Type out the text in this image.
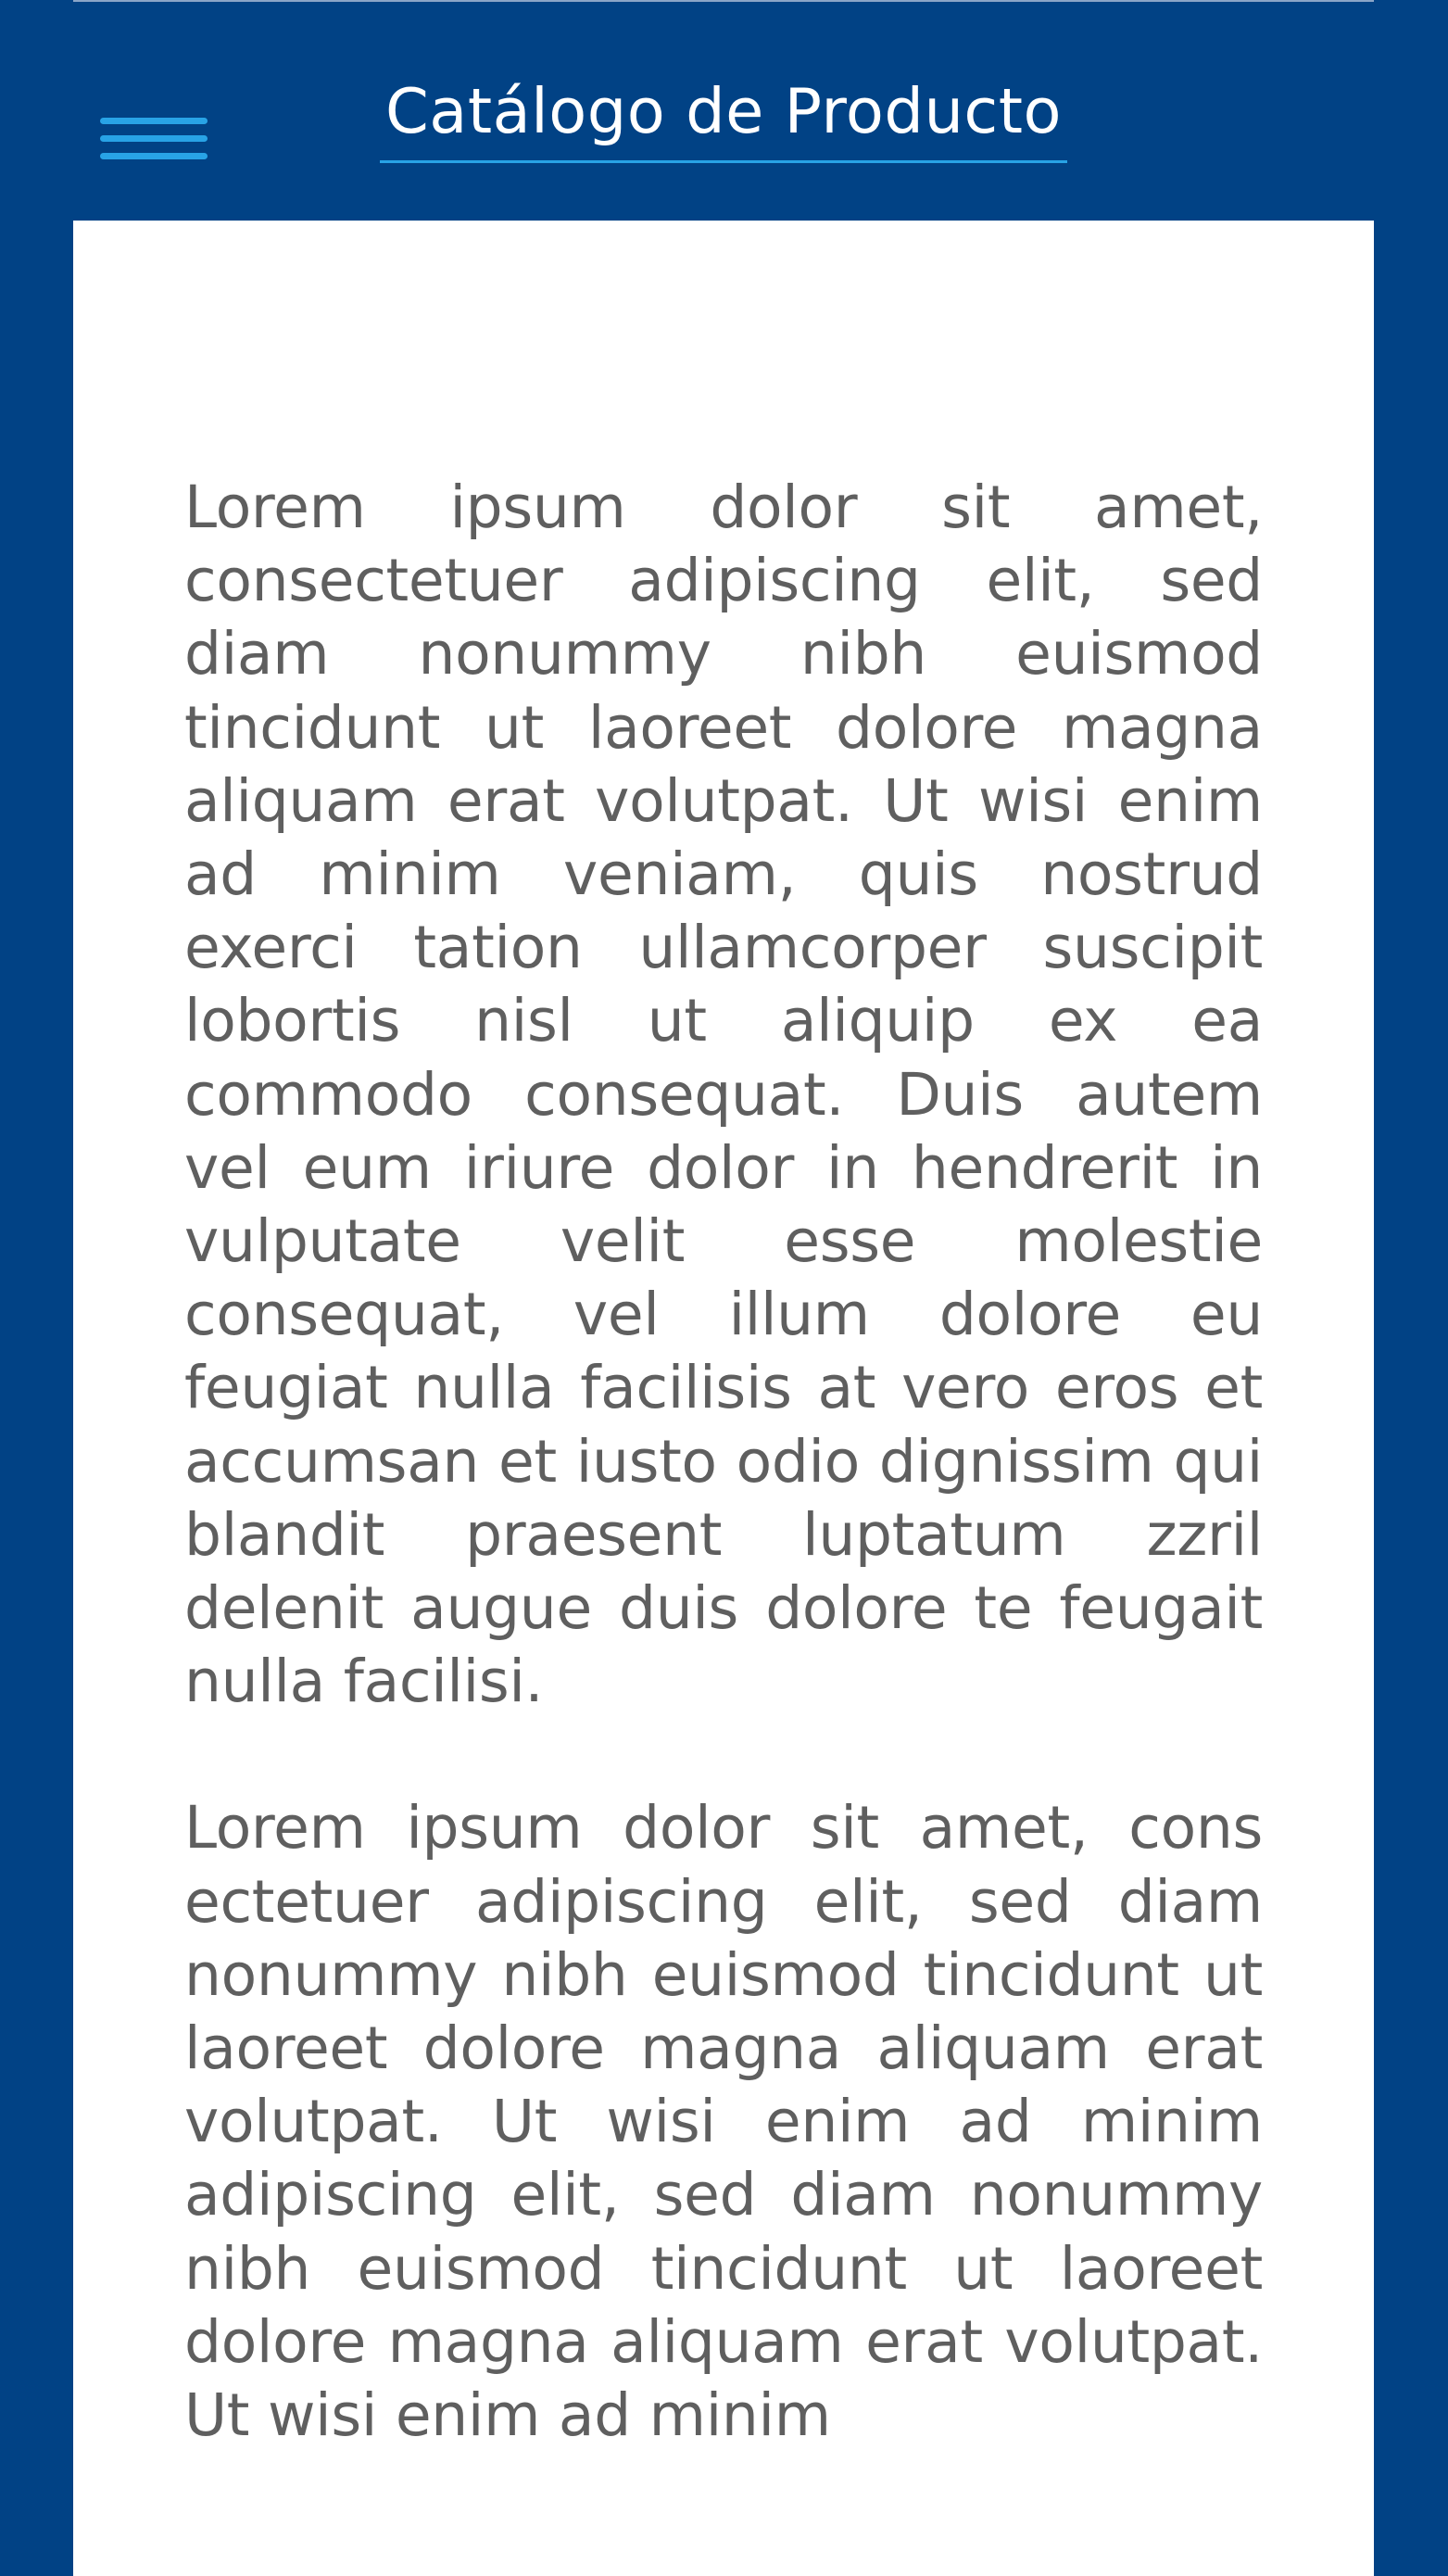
Catálogo de Producto

Lorem ipsum dolor sit amet, consectetuer adipiscing elit, sed diam nonummy nibh euismod tincidunt ut laoreet dolore magna aliquam erat volutpat. Ut wisi enim ad minim veniam, quis nostrud exerci tation ullamcorper suscipit lobortis nisl ut aliquip ex ea commodo consequat. Duis autem vel eum iriure dolor in hendrerit in vulputate velit esse molestie consequat, vel illum dolore eu feugiat nulla facilisis at vero eros et accumsan et iusto odio dignissim qui blandit praesent luptatum zzril delenit augue duis dolore te feugait nulla facilisi.

Lorem ipsum dolor sit amet, cons ectetuer adipiscing elit, sed diam nonummy nibh euismod tincidunt ut laoreet dolore magna aliquam erat volutpat. Ut wisi enim ad minim adipiscing elit, sed diam nonummy nibh euismod tincidunt ut laoreet dolore magna aliquam erat volutpat. Ut wisi enim ad minim
